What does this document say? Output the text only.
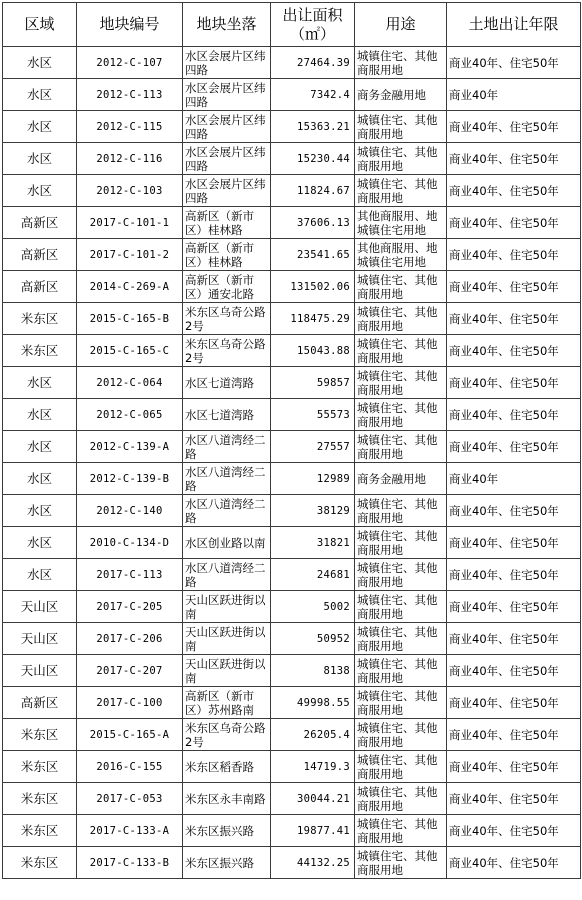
区域	地块编号	地块坐落	出让面积（㎡）	用途	土地出让年限
水区	2012-C-107	水区会展片区纬四路	27464.39	城镇住宅、其他商服用地	商业40年、住宅50年
水区	2012-C-113	水区会展片区纬四路	7342.4	商务金融用地	商业40年
水区	2012-C-115	水区会展片区纬四路	15363.21	城镇住宅、其他商服用地	商业40年、住宅50年
水区	2012-C-116	水区会展片区纬四路	15230.44	城镇住宅、其他商服用地	商业40年、住宅50年
水区	2012-C-103	水区会展片区纬四路	11824.67	城镇住宅、其他商服用地	商业40年、住宅50年
高新区	2017-C-101-1	高新区（新市区）桂林路	37606.13	其他商服用、地城镇住宅用地	商业40年、住宅50年
高新区	2017-C-101-2	高新区（新市区）桂林路	23541.65	其他商服用、地城镇住宅用地	商业40年、住宅50年
高新区	2014-C-269-A	高新区（新市区）通安北路	131502.06	城镇住宅、其他商服用地	商业40年、住宅50年
米东区	2015-C-165-B	米东区乌奇公路2号	118475.29	城镇住宅、其他商服用地	商业40年、住宅50年
米东区	2015-C-165-C	米东区乌奇公路2号	15043.88	城镇住宅、其他商服用地	商业40年、住宅50年
水区	2012-C-064	水区七道湾路	59857	城镇住宅、其他商服用地	商业40年、住宅50年
水区	2012-C-065	水区七道湾路	55573	城镇住宅、其他商服用地	商业40年、住宅50年
水区	2012-C-139-A	水区八道湾经二路	27557	城镇住宅、其他商服用地	商业40年、住宅50年
水区	2012-C-139-B	水区八道湾经二路	12989	商务金融用地	商业40年
水区	2012-C-140	水区八道湾经二路	38129	城镇住宅、其他商服用地	商业40年、住宅50年
水区	2010-C-134-D	水区创业路以南	31821	城镇住宅、其他商服用地	商业40年、住宅50年
水区	2017-C-113	水区八道湾经二路	24681	城镇住宅、其他商服用地	商业40年、住宅50年
天山区	2017-C-205	天山区跃进街以南	5002	城镇住宅、其他商服用地	商业40年、住宅50年
天山区	2017-C-206	天山区跃进街以南	50952	城镇住宅、其他商服用地	商业40年、住宅50年
天山区	2017-C-207	天山区跃进街以南	8138	城镇住宅、其他商服用地	商业40年、住宅50年
高新区	2017-C-100	高新区（新市区）苏州路南	49998.55	城镇住宅、其他商服用地	商业40年、住宅50年
米东区	2015-C-165-A	米东区乌奇公路2号	26205.4	城镇住宅、其他商服用地	商业40年、住宅50年
米东区	2016-C-155	米东区稻香路	14719.3	城镇住宅、其他商服用地	商业40年、住宅50年
米东区	2017-C-053	米东区永丰南路	30044.21	城镇住宅、其他商服用地	商业40年、住宅50年
米东区	2017-C-133-A	米东区振兴路	19877.41	城镇住宅、其他商服用地	商业40年、住宅50年
米东区	2017-C-133-B	米东区振兴路	44132.25	城镇住宅、其他商服用地	商业40年、住宅50年
